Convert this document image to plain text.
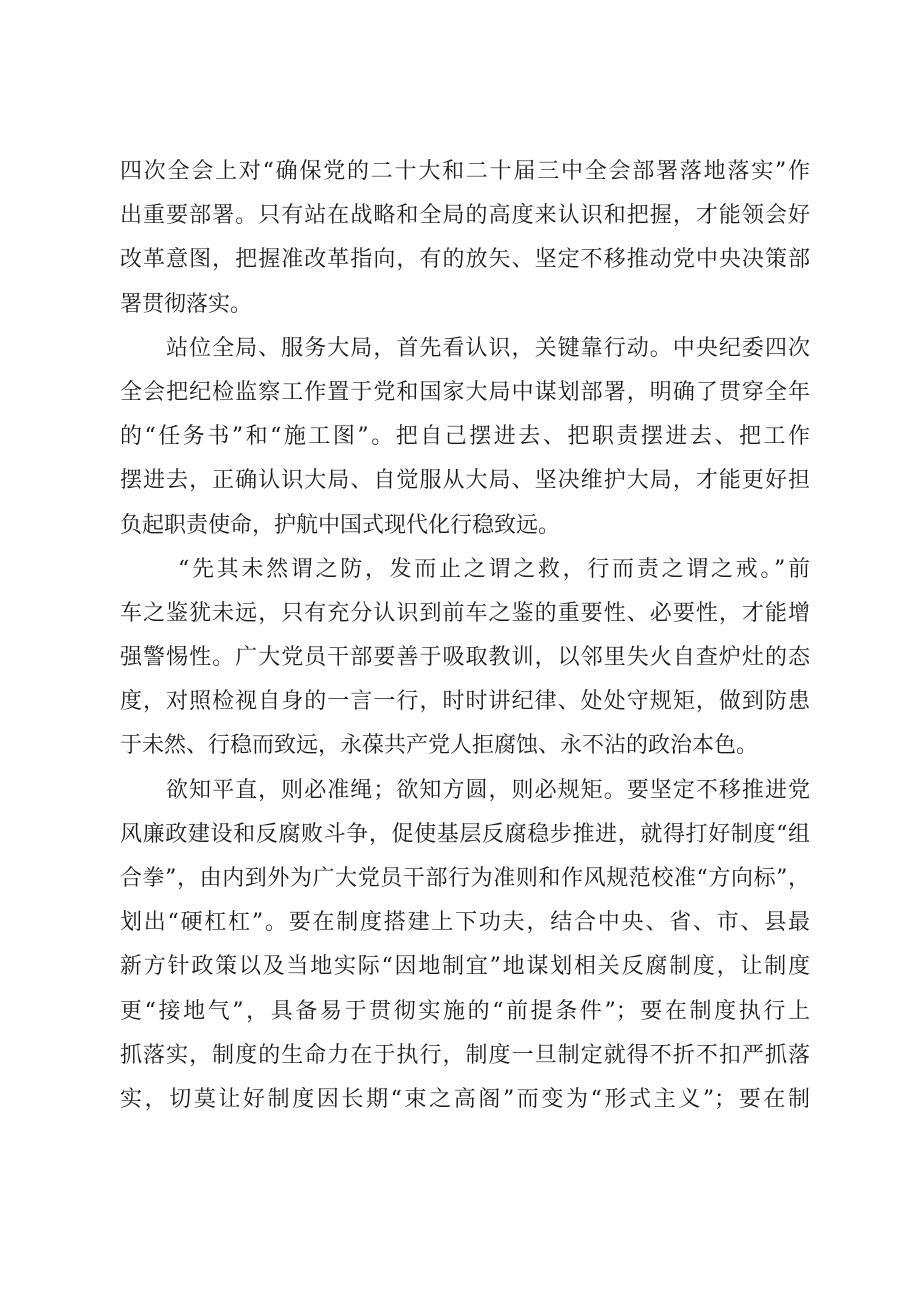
四次全会上对“确保党的二十大和二十届三中全会部署落地落实”作
出重要部署。只有站在战略和全局的高度来认识和把握，才能领会好
改革意图，把握准改革指向，有的放矢、坚定不移推动党中央决策部
署贯彻落实。
站位全局、服务大局，首先看认识，关键靠行动。中央纪委四次
全会把纪检监察工作置于党和国家大局中谋划部署，明确了贯穿全年
的“任务书”和“施工图”。把自己摆进去、把职责摆进去、把工作
摆进去，正确认识大局、自觉服从大局、坚决维护大局，才能更好担
负起职责使命，护航中国式现代化行稳致远。
“先其未然谓之防，发而止之谓之救，行而责之谓之戒。”前
车之鉴犹未远，只有充分认识到前车之鉴的重要性、必要性，才能增
强警惕性。广大党员干部要善于吸取教训，以邻里失火自查炉灶的态
度，对照检视自身的一言一行，时时讲纪律、处处守规矩，做到防患
于未然、行稳而致远，永葆共产党人拒腐蚀、永不沾的政治本色。
欲知平直，则必准绳；欲知方圆，则必规矩。要坚定不移推进党
风廉政建设和反腐败斗争，促使基层反腐稳步推进，就得打好制度“组
合拳”，由内到外为广大党员干部行为准则和作风规范校准“方向标”，
划出“硬杠杠”。要在制度搭建上下功夫，结合中央、省、市、县最
新方针政策以及当地实际“因地制宜”地谋划相关反腐制度，让制度
更“接地气”，具备易于贯彻实施的“前提条件”；要在制度执行上
抓落实，制度的生命力在于执行，制度一旦制定就得不折不扣严抓落
实，切莫让好制度因长期“束之高阁”而变为“形式主义”；要在制
